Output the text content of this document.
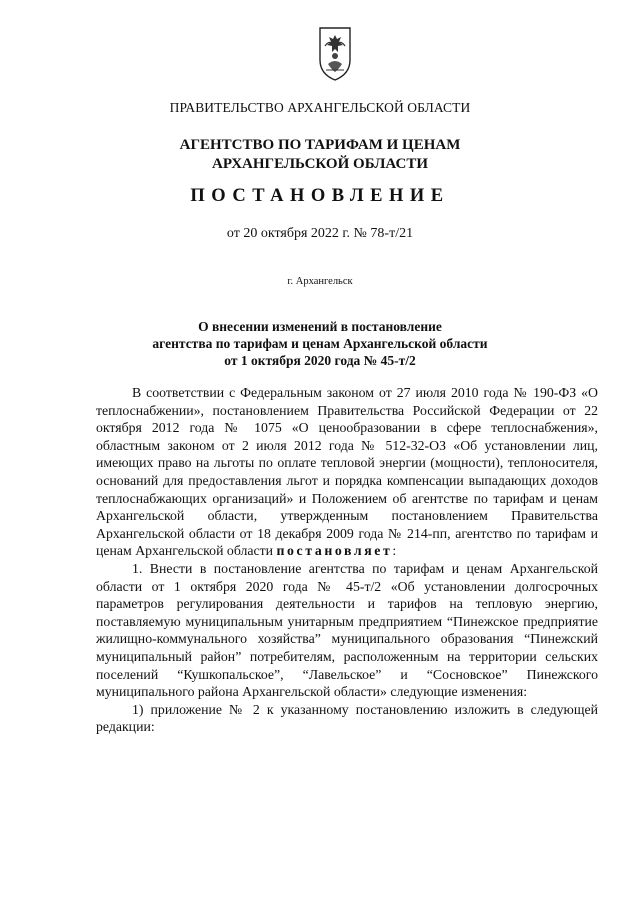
ПРАВИТЕЛЬСТВО АРХАНГЕЛЬСКОЙ ОБЛАСТИ
АГЕНТСТВО ПО ТАРИФАМ И ЦЕНАМ
АРХАНГЕЛЬСКОЙ ОБЛАСТИ
ПОСТАНОВЛЕНИЕ
от 20 октября 2022 г. № 78-т/21
г. Архангельск
О внесении изменений в постановление
агентства по тарифам и ценам Архангельской области
от 1 октября 2020 года № 45-т/2

В соответствии с Федеральным законом от 27 июля 2010 года № 190-ФЗ «О теплоснабжении», постановлением Правительства Российской Федерации от 22 октября 2012 года № 1075 «О ценообразовании в сфере теплоснабжения», областным законом от 2 июля 2012 года № 512-32-ОЗ «Об установлении лиц, имеющих право на льготы по оплате тепловой энергии (мощности), теплоносителя, оснований для предоставления льгот и порядка компенсации выпадающих доходов теплоснабжающих организаций» и Положением об агентстве по тарифам и ценам Архангельской области, утвержденным постановлением Правительства Архангельской области от 18 декабря 2009 года № 214-пп, агентство по тарифам и ценам Архангельской области постановляет:

1. Внести в постановление агентства по тарифам и ценам Архангельской области от 1 октября 2020 года № 45-т/2 «Об установлении долгосрочных параметров регулирования деятельности и тарифов на тепловую энергию, поставляемую муниципальным унитарным предприятием “Пинежское предприятие жилищно-коммунального хозяйства” муниципального образования “Пинежский муниципальный район” потребителям, расположенным на территории сельских поселений “Кушкопальское”, “Лавельское” и “Сосновское” Пинежского муниципального района Архангельской области» следующие изменения:

1) приложение № 2 к указанному постановлению изложить в следующей редакции:
